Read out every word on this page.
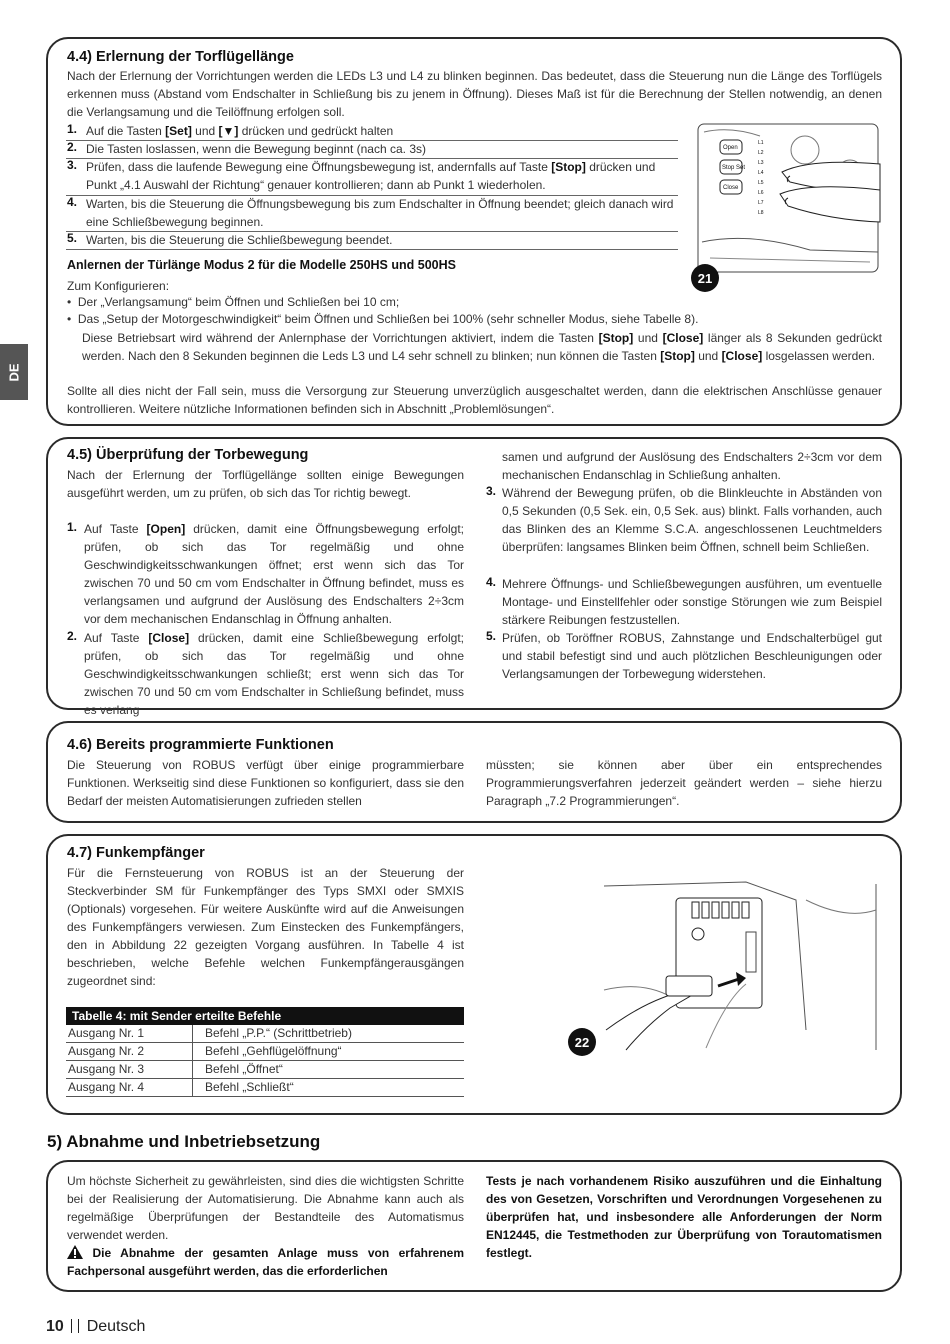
DE
4.4) Erlernung der Torflügellänge
Nach der Erlernung der Vorrichtungen werden die LEDs L3 und L4 zu blinken beginnen. Das bedeutet, dass die Steuerung nun die Länge des Torflügels erkennen muss (Abstand vom Endschalter in Schließung bis zu jenem in Öffnung). Dieses Maß ist für die Berechnung der Stellen notwendig, an denen die Verlangsamung und die Teilöffnung erfolgen soll.
1. Auf die Tasten [Set] und [▼] drücken und gedrückt halten
2. Die Tasten loslassen, wenn die Bewegung beginnt (nach ca. 3s)
3. Prüfen, dass die laufende Bewegung eine Öffnungsbewegung ist, andernfalls auf Taste [Stop] drücken und Punkt „4.1 Auswahl der Richtung“ genauer kontrollieren; dann ab Punkt 1 wiederholen.
4. Warten, bis die Steuerung die Öffnungsbewegung bis zum Endschalter in Öffnung beendet; gleich danach wird eine Schließbewegung beginnen.
5. Warten, bis die Steuerung die Schließbewegung beendet.
Open
Stop Set
Close
L1
L2
L3
L4
L5
L6
L7
L8
21
Anlernen der Türlänge Modus 2 für die Modelle 250HS und 500HS
Zum Konfigurieren:
•  Der „Verlangsamung“ beim Öffnen und Schließen bei 10 cm;
•  Das „Setup der Motorgeschwindigkeit“ beim Öffnen und Schließen bei 100% (sehr schneller Modus, siehe Tabelle 8).
Diese Betriebsart wird während der Anlernphase der Vorrichtungen aktiviert, indem die Tasten [Stop] und [Close] länger als 8 Sekunden gedrückt werden. Nach den 8 Sekunden beginnen die Leds L3 und L4 sehr schnell zu blinken; nun können die Tasten [Stop] und [Close] losgelassen werden.
Sollte all dies nicht der Fall sein, muss die Versorgung zur Steuerung unverzüglich ausgeschaltet werden, dann die elektrischen Anschlüsse genauer kontrollieren. Weitere nützliche Informationen befinden sich in Abschnitt „Problemlösungen“.
4.5) Überprüfung der Torbewegung
Nach der Erlernung der Torflügellänge sollten einige Bewegungen ausgeführt werden, um zu prüfen, ob sich das Tor richtig bewegt.
1. Auf Taste [Open] drücken, damit eine Öffnungsbewegung erfolgt; prüfen, ob sich das Tor regelmäßig und ohne Geschwindigkeitsschwankungen öffnet; erst wenn sich das Tor zwischen 70 und 50 cm vom Endschalter in Öffnung befindet, muss es verlangsamen und aufgrund der Auslösung des Endschalters 2÷3cm vor dem mechanischen Endanschlag in Öffnung anhalten.
2. Auf Taste [Close] drücken, damit eine Schließbewegung erfolgt; prüfen, ob sich das Tor regelmäßig und ohne Geschwindigkeitsschwankungen schließt; erst wenn sich das Tor zwischen 70 und 50 cm vom Endschalter in Schließung befindet, muss es verlang
samen und aufgrund der Auslösung des Endschalters 2÷3cm vor dem mechanischen Endanschlag in Schließung anhalten.
3. Während der Bewegung prüfen, ob die Blinkleuchte in Abständen von 0,5 Sekunden (0,5 Sek. ein, 0,5 Sek. aus) blinkt. Falls vorhanden, auch das Blinken des an Klemme S.C.A. angeschlossenen Leuchtmelders überprüfen: langsames Blinken beim Öffnen, schnell beim Schließen.
4. Mehrere Öffnungs- und Schließbewegungen ausführen, um eventuelle Montage- und Einstellfehler oder sonstige Störungen wie zum Beispiel stärkere Reibungen festzustellen.
5. Prüfen, ob Toröffner ROBUS, Zahnstange und Endschalterbügel gut und stabil befestigt sind und auch plötzlichen Beschleunigungen oder Verlangsamungen der Torbewegung widerstehen.
4.6) Bereits programmierte Funktionen
Die Steuerung von ROBUS verfügt über einige programmierbare Funktionen. Werkseitig sind diese Funktionen so konfiguriert, dass sie den Bedarf der meisten Automatisierungen zufrieden stellen
müssten; sie können aber über ein entsprechendes Programmierungsverfahren jederzeit geändert werden – siehe hierzu Paragraph „7.2 Programmierungen“.
4.7) Funkempfänger
Für die Fernsteuerung von ROBUS ist an der Steuerung der Steckverbinder SM für Funkempfänger des Typs SMXI oder SMXIS (Optionals) vorgesehen. Für weitere Auskünfte wird auf die Anweisungen des Funkempfängers verwiesen. Zum Einstecken des Funkempfängers, den in Abbildung 22 gezeigten Vorgang ausführen. In Tabelle 4 ist beschrieben, welche Befehle welchen Funkempfängerausgängen zugeordnet sind:
Tabelle 4: mit Sender erteilte Befehle	
Ausgang Nr. 1	Befehl „P.P.“ (Schrittbetrieb)
Ausgang Nr. 2	Befehl „Gehflügelöffnung“
Ausgang Nr. 3	Befehl „Öffnet“
Ausgang Nr. 4	Befehl „Schließt“
22
5) Abnahme und Inbetriebsetzung
Um höchste Sicherheit zu gewährleisten, sind dies die wichtigsten Schritte bei der Realisierung der Automatisierung. Die Abnahme kann auch als regelmäßige Überprüfungen der Bestandteile des Automatismus verwendet werden.
Die Abnahme der gesamten Anlage muss von erfahrenem Fachpersonal ausgeführt werden, das die erforderlichen
Tests je nach vorhandenem Risiko auszuführen und die Einhaltung des von Gesetzen, Vorschriften und Verordnungen Vorgesehenen zu überprüfen hat, und insbesondere alle Anforderungen der Norm EN12445, die Testmethoden zur Überprüfung von Torautomatismen festlegt.
10 Deutsch
